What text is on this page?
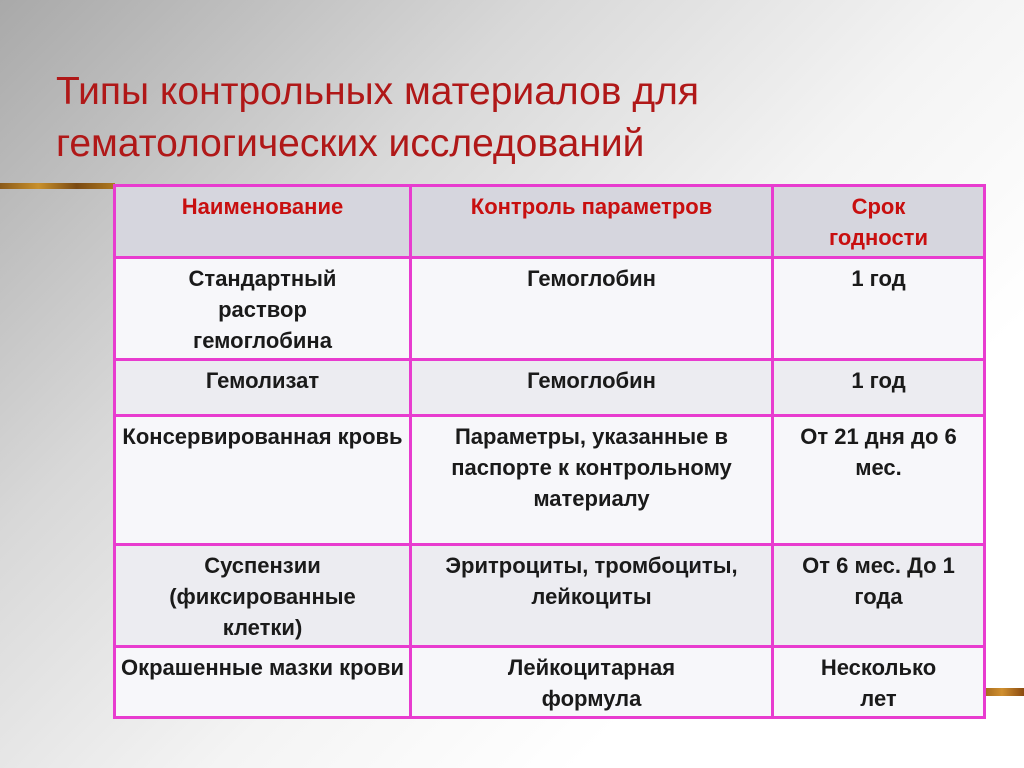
Типы контрольных материалов для
гематологических исследований
Наименование	Контроль параметров	Срок годности
Стандартный раствор гемоглобина	Гемоглобин	1 год
Гемолизат	Гемоглобин	1 год
Консервированная кровь	Параметры, указанные в паспорте к контрольному материалу	От 21 дня до 6 мес.
Суспензии (фиксированные клетки)	Эритроциты, тромбоциты, лейкоциты	От 6 мес. До 1 года
Окрашенные мазки крови	Лейкоцитарная формула	Несколько лет
